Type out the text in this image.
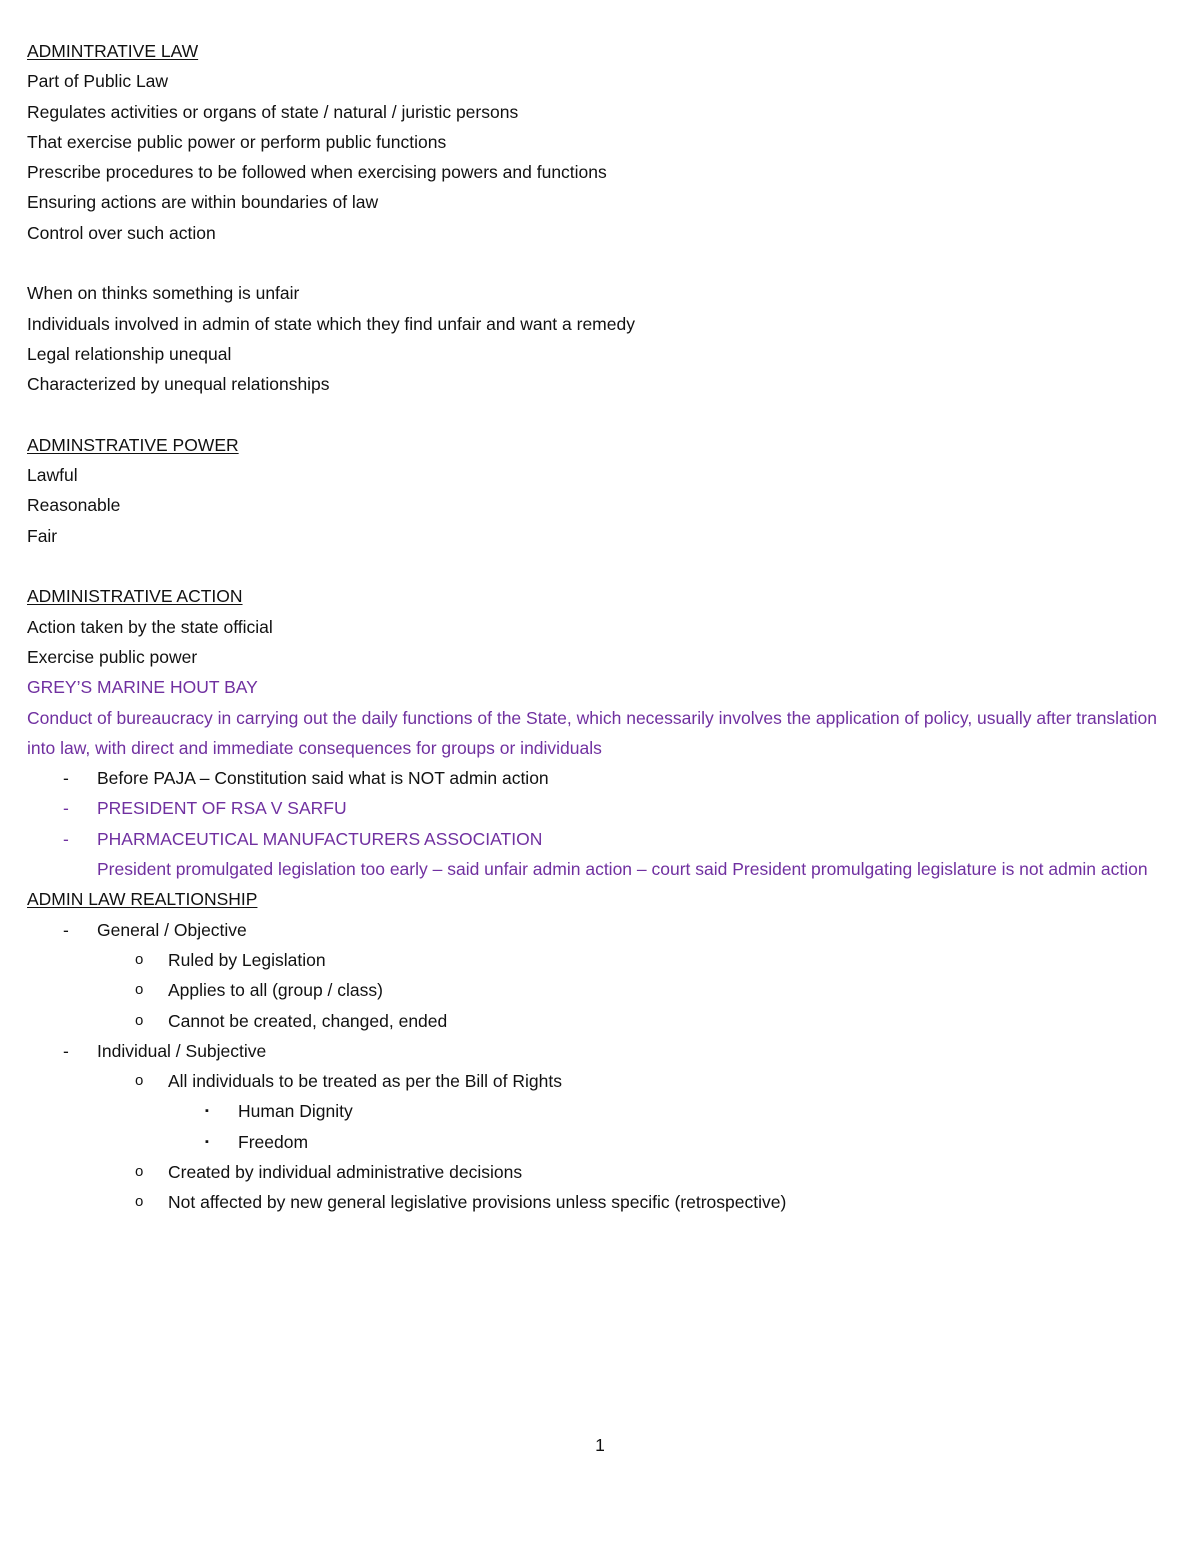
ADMINTRATIVE LAW
Part of Public Law
Regulates activities or organs of state / natural / juristic persons
That exercise public power or perform public functions
Prescribe procedures to be followed when exercising powers and functions
Ensuring actions are within boundaries of law
Control over such action
When on thinks something is unfair
Individuals involved in admin of state which they find unfair and want a remedy
Legal relationship unequal
Characterized by unequal relationships
ADMINSTRATIVE POWER
Lawful
Reasonable
Fair
ADMINISTRATIVE ACTION
Action taken by the state official
Exercise public power
GREY’S MARINE HOUT BAY
Conduct of bureaucracy in carrying out the daily functions of the State, which necessarily involves the application of policy, usually after translation into law, with direct and immediate consequences for groups or individuals
- Before PAJA – Constitution said what is NOT admin action
- PRESIDENT OF RSA V SARFU
- PHARMACEUTICAL MANUFACTURERS ASSOCIATION
President promulgated legislation too early – said unfair admin action – court said President promulgating legislature is not admin action
ADMIN LAW REALTIONSHIP
- General / Objective
o Ruled by Legislation
o Applies to all (group / class)
o Cannot be created, changed, ended
- Individual / Subjective
o All individuals to be treated as per the Bill of Rights
▪ Human Dignity
▪ Freedom
o Created by individual administrative decisions
o Not affected by new general legislative provisions unless specific (retrospective)
1
